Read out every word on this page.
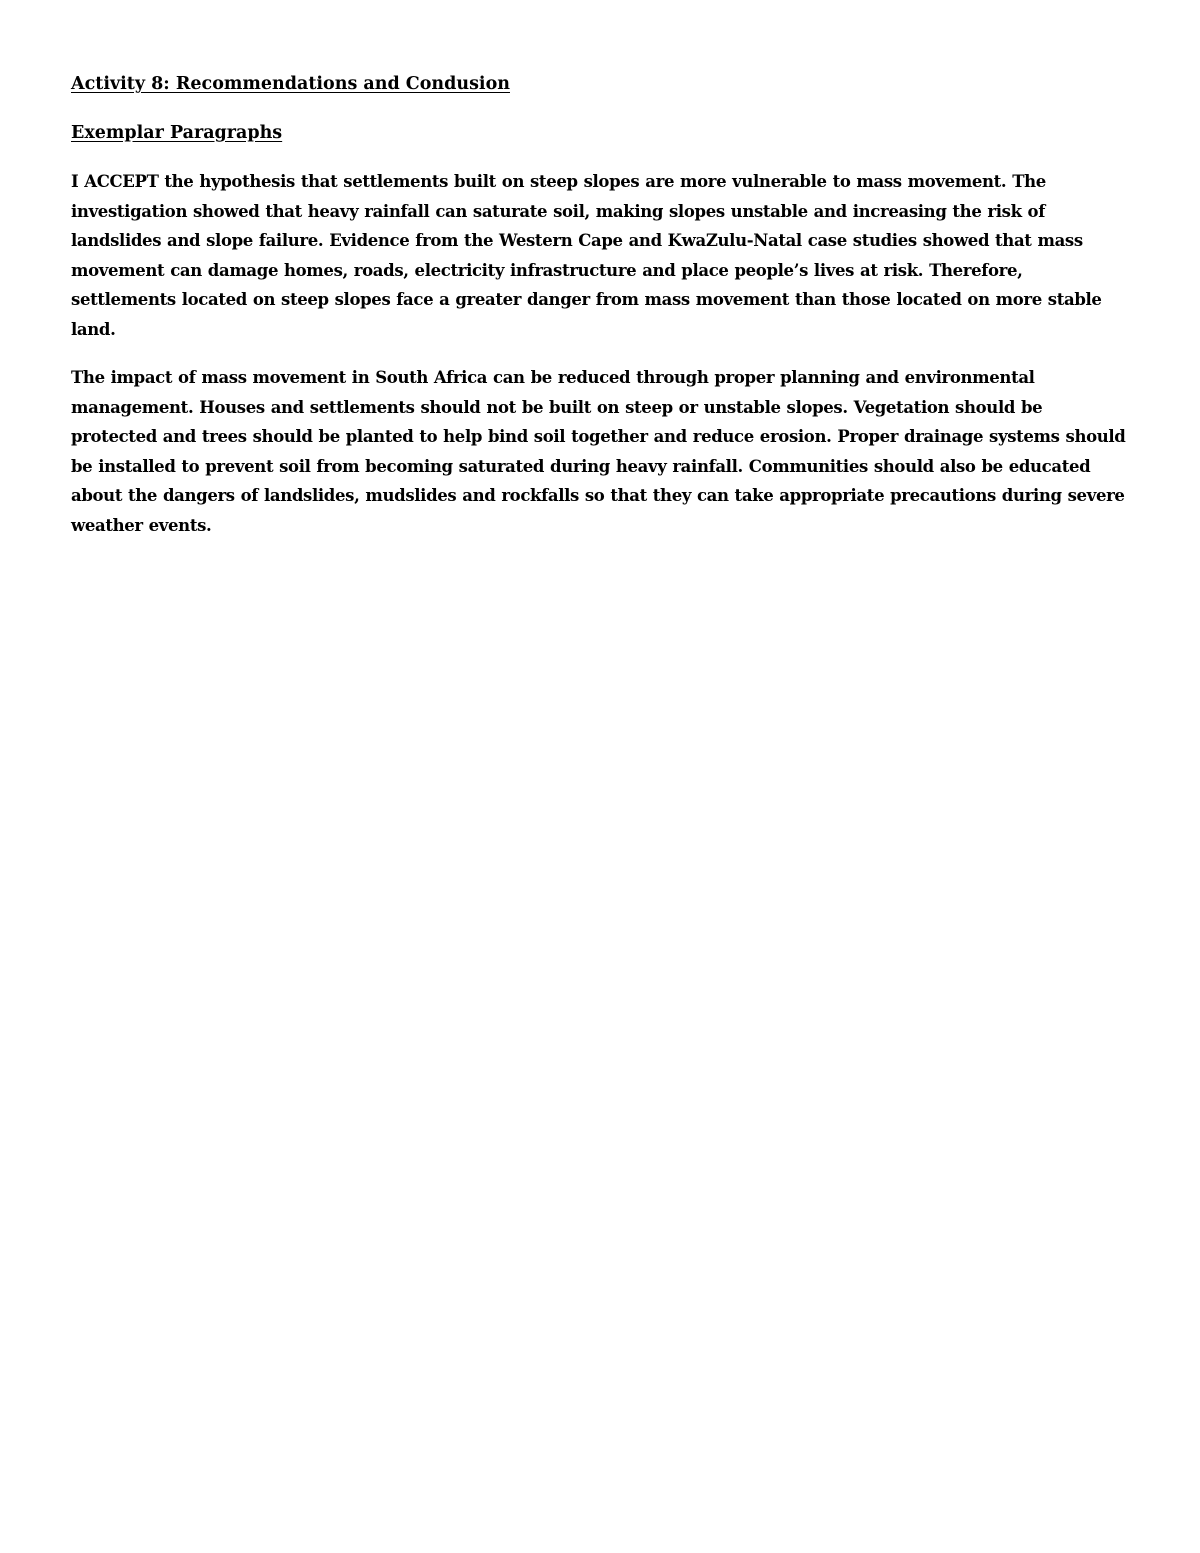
Activity 8: Recommendations and Condusion

Exemplar Paragraphs

I ACCEPT the hypothesis that settlements built on steep slopes are more vulnerable to mass movement. The investigation showed that heavy rainfall can saturate soil, making slopes unstable and increasing the risk of landslides and slope failure. Evidence from the Western Cape and KwaZulu-Natal case studies showed that mass movement can damage homes, roads, electricity infrastructure and place people’s lives at risk. Therefore, settlements located on steep slopes face a greater danger from mass movement than those located on more stable land.

The impact of mass movement in South Africa can be reduced through proper planning and environmental management. Houses and settlements should not be built on steep or unstable slopes. Vegetation should be protected and trees should be planted to help bind soil together and reduce erosion. Proper drainage systems should be installed to prevent soil from becoming saturated during heavy rainfall. Communities should also be educated about the dangers of landslides, mudslides and rockfalls so that they can take appropriate precautions during severe weather events.
